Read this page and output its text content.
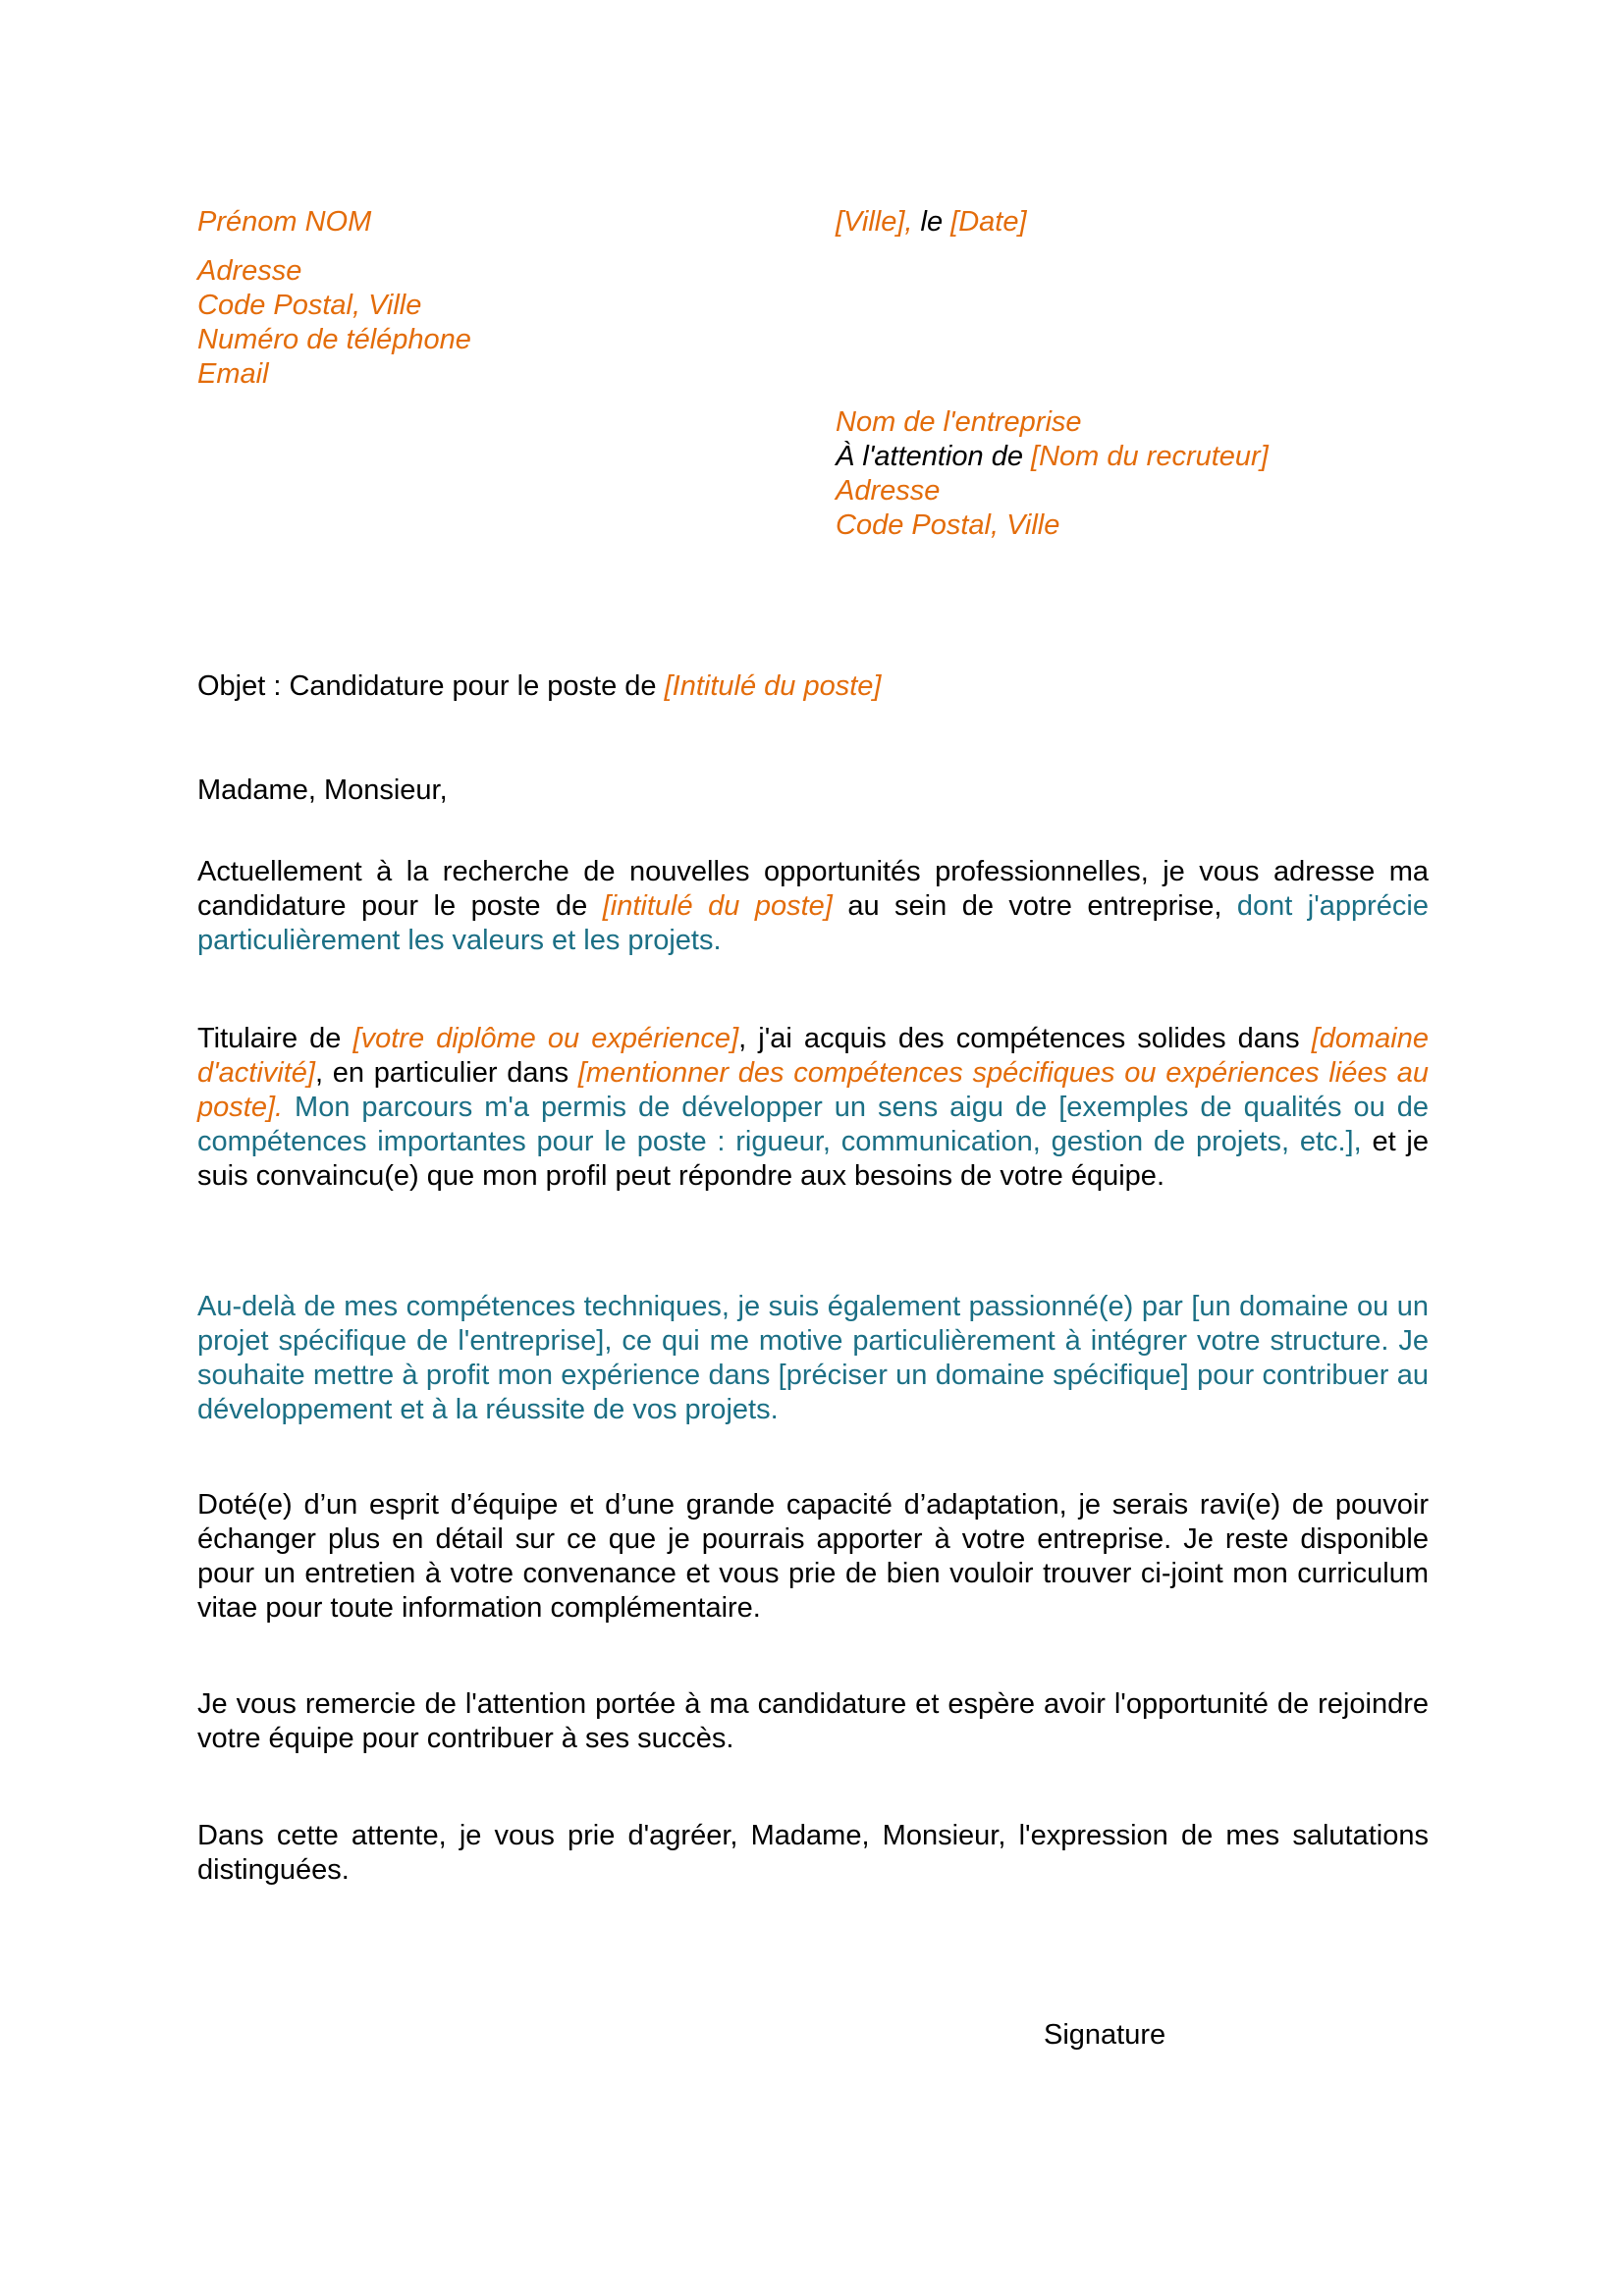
Prénom NOM
Adresse
Code Postal, Ville
Numéro de téléphone
Email
[Ville], le [Date]
Nom de l'entreprise
À l'attention de [Nom du recruteur]
Adresse
Code Postal, Ville
Objet : Candidature pour le poste de [Intitulé du poste]
Madame, Monsieur,

Actuellement à la recherche de nouvelles opportunités professionnelles, je vous adresse ma candidature pour le poste de [intitulé du poste] au sein de votre entreprise, dont j'apprécie particulièrement les valeurs et les projets.

Titulaire de [votre diplôme ou expérience], j'ai acquis des compétences solides dans [domaine d'activité], en particulier dans [mentionner des compétences spécifiques ou expériences liées au poste]. Mon parcours m'a permis de développer un sens aigu de [exemples de qualités ou de compétences importantes pour le poste : rigueur, communication, gestion de projets, etc.], et je suis convaincu(e) que mon profil peut répondre aux besoins de votre équipe.

Au-delà de mes compétences techniques, je suis également passionné(e) par [un domaine ou un projet spécifique de l'entreprise], ce qui me motive particulièrement à intégrer votre structure. Je souhaite mettre à profit mon expérience dans [préciser un domaine spécifique] pour contribuer au développement et à la réussite de vos projets.

Doté(e) d’un esprit d’équipe et d’une grande capacité d’adaptation, je serais ravi(e) de pouvoir échanger plus en détail sur ce que je pourrais apporter à votre entreprise. Je reste disponible pour un entretien à votre convenance et vous prie de bien vouloir trouver ci-joint mon curriculum vitae pour toute information complémentaire.

Je vous remercie de l'attention portée à ma candidature et espère avoir l'opportunité de rejoindre votre équipe pour contribuer à ses succès.

Dans cette attente, je vous prie d'agréer, Madame, Monsieur, l'expression de mes salutations distinguées.

Signature
